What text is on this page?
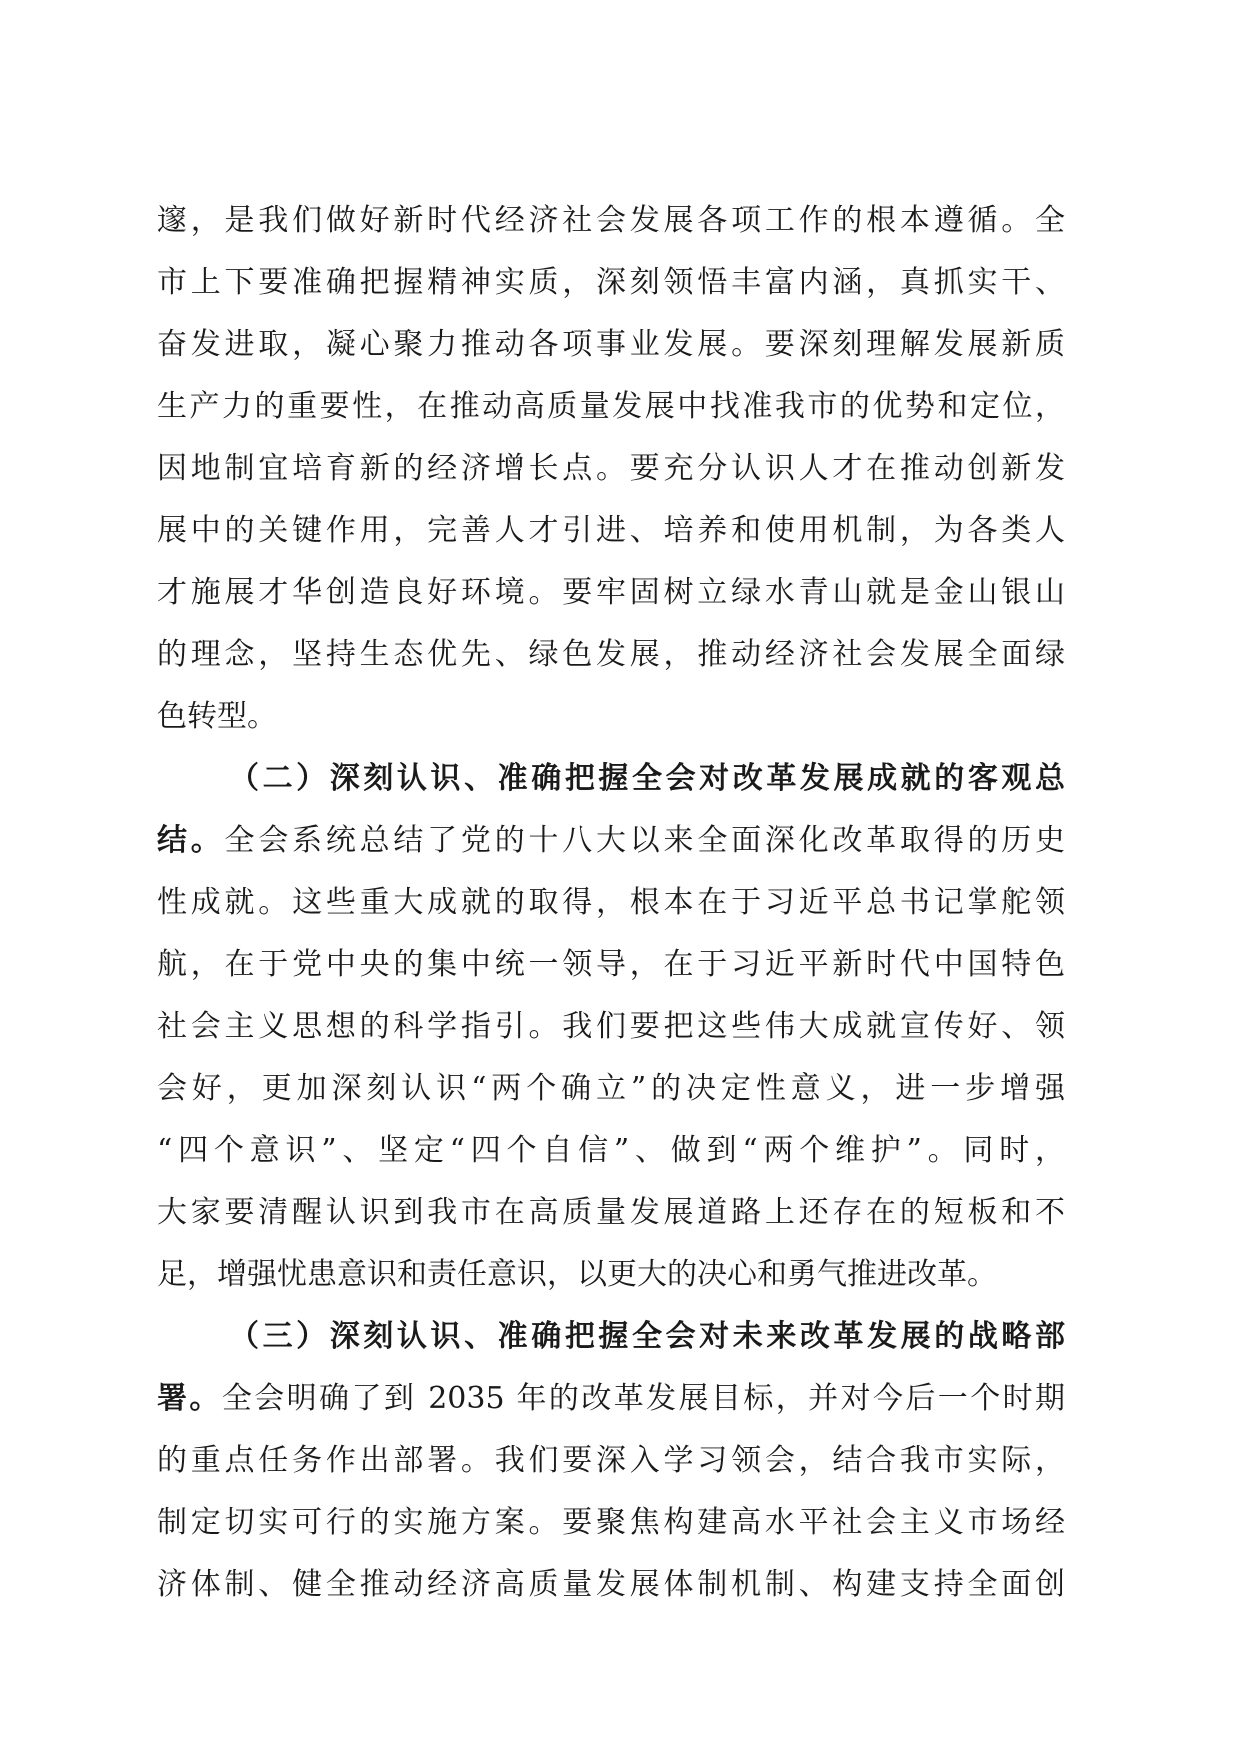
邃，是我们做好新时代经济社会发展各项工作的根本遵循。全
市上下要准确把握精神实质，深刻领悟丰富内涵，真抓实干、
奋发进取，凝心聚力推动各项事业发展。要深刻理解发展新质
生产力的重要性，在推动高质量发展中找准我市的优势和定位，
因地制宜培育新的经济增长点。要充分认识人才在推动创新发
展中的关键作用，完善人才引进、培养和使用机制，为各类人
才施展才华创造良好环境。要牢固树立绿水青山就是金山银山
的理念，坚持生态优先、绿色发展，推动经济社会发展全面绿
色转型。
（二）深刻认识、准确把握全会对改革发展成就的客观总
结。全会系统总结了党的十八大以来全面深化改革取得的历史
性成就。这些重大成就的取得，根本在于习近平总书记掌舵领
航，在于党中央的集中统一领导，在于习近平新时代中国特色
社会主义思想的科学指引。我们要把这些伟大成就宣传好、领
会好，更加深刻认识“两个确立”的决定性意义，进一步增强
“四个意识”、坚定“四个自信”、做到“两个维护”。同时，
大家要清醒认识到我市在高质量发展道路上还存在的短板和不
足，增强忧患意识和责任意识，以更大的决心和勇气推进改革。
（三）深刻认识、准确把握全会对未来改革发展的战略部
署。全会明确了到 2035 年的改革发展目标，并对今后一个时期
的重点任务作出部署。我们要深入学习领会，结合我市实际，
制定切实可行的实施方案。要聚焦构建高水平社会主义市场经
济体制、健全推动经济高质量发展体制机制、构建支持全面创
